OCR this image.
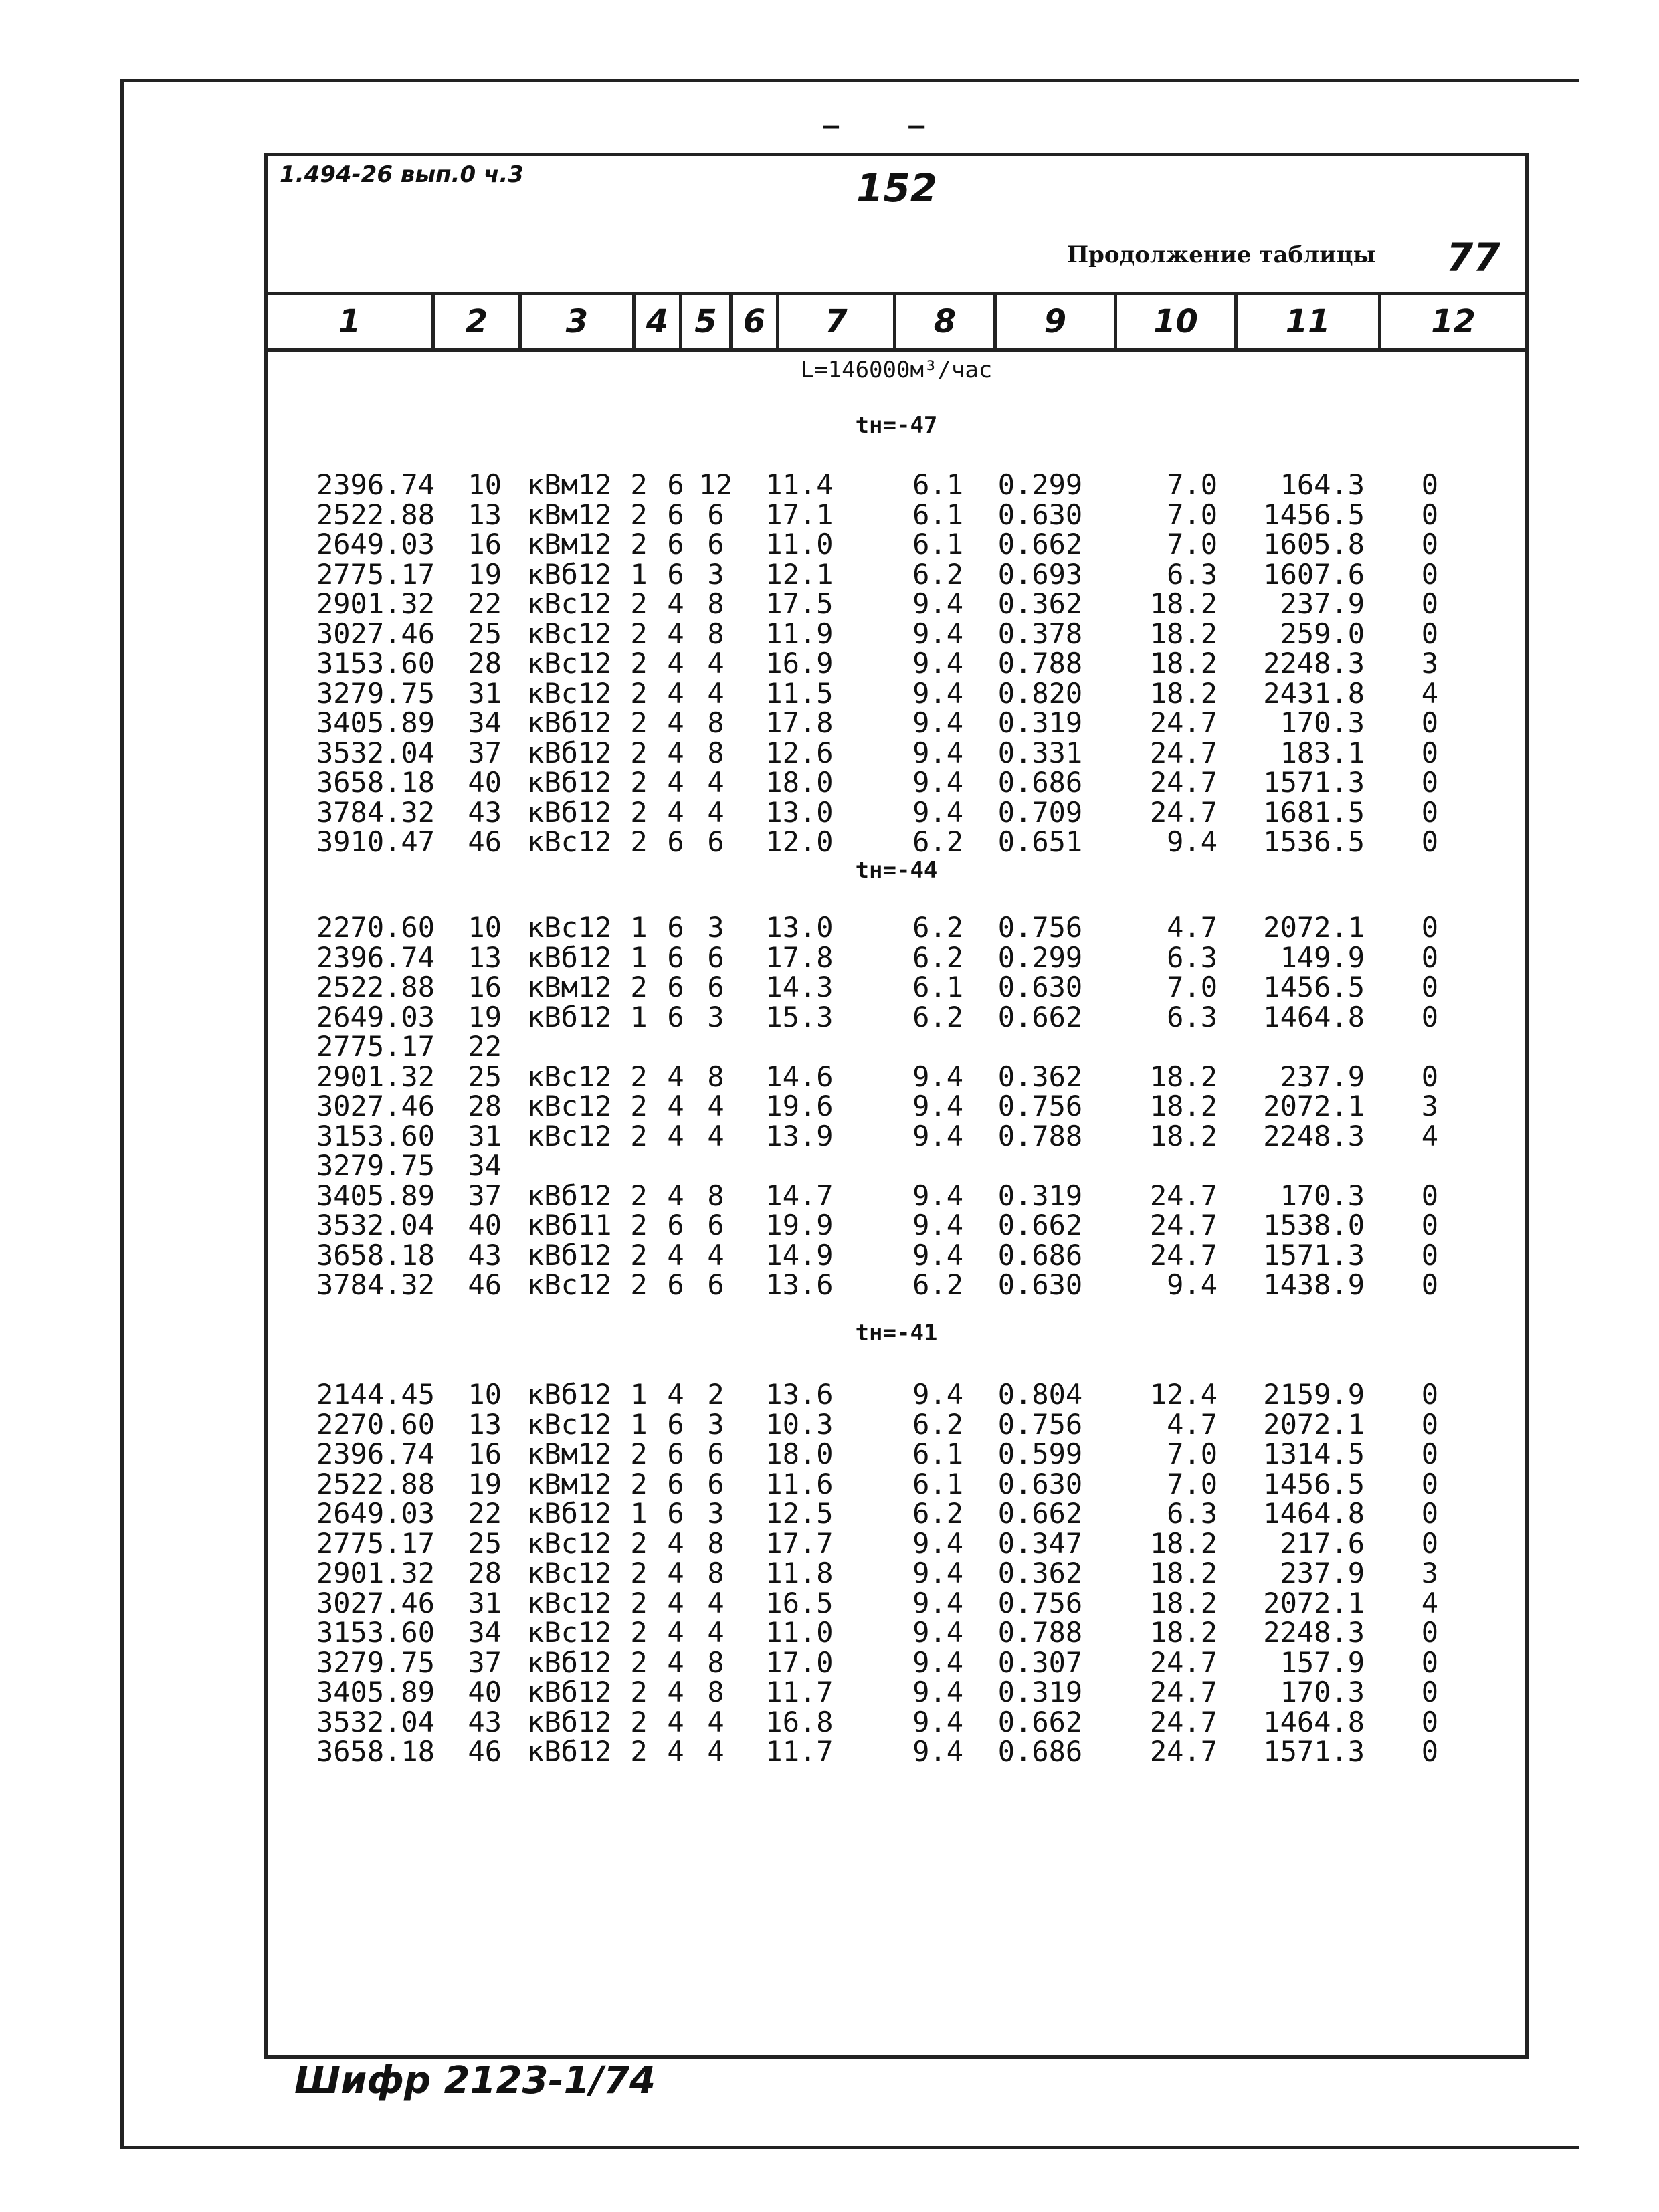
– —
1.494-26 вып.0 ч.3	152
Продолжение таблицы 77
1	2	3	4 5 6	7	8	9	10	11	12
L=146000м³/час
tн=-47
2396.74	10 кВм12 2 6 12	11.4	6.1	0.299	7.0	164.3	0
2522.88	13 кВм12 2 6 6	17.1	6.1	0.630	7.0	1456.5	0
2649.03	16 кВм12 2 6 6	11.0	6.1	0.662	7.0	1605.8	0
2775.17	19 кВб12 1 6 3	12.1	6.2	0.693	6.3	1607.6	0
2901.32	22 кВс12 2 4 8	17.5	9.4	0.362	18.2	237.9	0
3027.46	25 кВс12 2 4 8	11.9	9.4	0.378	18.2	259.0	0
3153.60	28 кВс12 2 4 4	16.9	9.4	0.788	18.2	2248.3	3
3279.75	31 кВс12 2 4 4	11.5	9.4	0.820	18.2	2431.8	4
3405.89	34 кВб12 2 4 8	17.8	9.4	0.319	24.7	170.3	0
3532.04	37 кВб12 2 4 8	12.6	9.4	0.331	24.7	183.1	0
3658.18	40 кВб12 2 4 4	18.0	9.4	0.686	24.7	1571.3	0
3784.32	43 кВб12 2 4 4	13.0	9.4	0.709	24.7	1681.5	0
3910.47	46 кВс12 2 6 6	12.0	6.2	0.651	9.4	1536.5	0
tн=-44
2270.60	10 кВс12 1 6 3	13.0	6.2	0.756	4.7	2072.1	0
2396.74	13 кВб12 1 6 6	17.8	6.2	0.299	6.3	149.9	0
2522.88	16 кВм12 2 6 6	14.3	6.1	0.630	7.0	1456.5	0
2649.03	19 кВб12 1 6 3	15.3	6.2	0.662	6.3	1464.8	0
2775.17	22
2901.32	25 кВс12 2 4 8	14.6	9.4	0.362	18.2	237.9	0
3027.46	28 кВс12 2 4 4	19.6	9.4	0.756	18.2	2072.1	3
3153.60	31 кВс12 2 4 4	13.9	9.4	0.788	18.2	2248.3	4
3279.75	34
3405.89	37 кВб12 2 4 8	14.7	9.4	0.319	24.7	170.3	0
3532.04	40 кВб11 2 6 6	19.9	9.4	0.662	24.7	1538.0	0
3658.18	43 кВб12 2 4 4	14.9	9.4	0.686	24.7	1571.3	0
3784.32	46 кВс12 2 6 6	13.6	6.2	0.630	9.4	1438.9	0
tн=-41
2144.45	10 кВб12 1 4 2	13.6	9.4	0.804	12.4	2159.9	0
2270.60	13 кВс12 1 6 3	10.3	6.2	0.756	4.7	2072.1	0
2396.74	16 кВм12 2 6 6	18.0	6.1	0.599	7.0	1314.5	0
2522.88	19 кВм12 2 6 6	11.6	6.1	0.630	7.0	1456.5	0
2649.03	22 кВб12 1 6 3	12.5	6.2	0.662	6.3	1464.8	0
2775.17	25 кВс12 2 4 8	17.7	9.4	0.347	18.2	217.6	0
2901.32	28 кВс12 2 4 8	11.8	9.4	0.362	18.2	237.9	3
3027.46	31 кВс12 2 4 4	16.5	9.4	0.756	18.2	2072.1	4
3153.60	34 кВс12 2 4 4	11.0	9.4	0.788	18.2	2248.3	0
3279.75	37 кВб12 2 4 8	17.0	9.4	0.307	24.7	157.9	0
3405.89	40 кВб12 2 4 8	11.7	9.4	0.319	24.7	170.3	0
3532.04	43 кВб12 2 4 4	16.8	9.4	0.662	24.7	1464.8	0
3658.18	46 кВб12 2 4 4	11.7	9.4	0.686	24.7	1571.3	0
Шифр 2123-1/74
